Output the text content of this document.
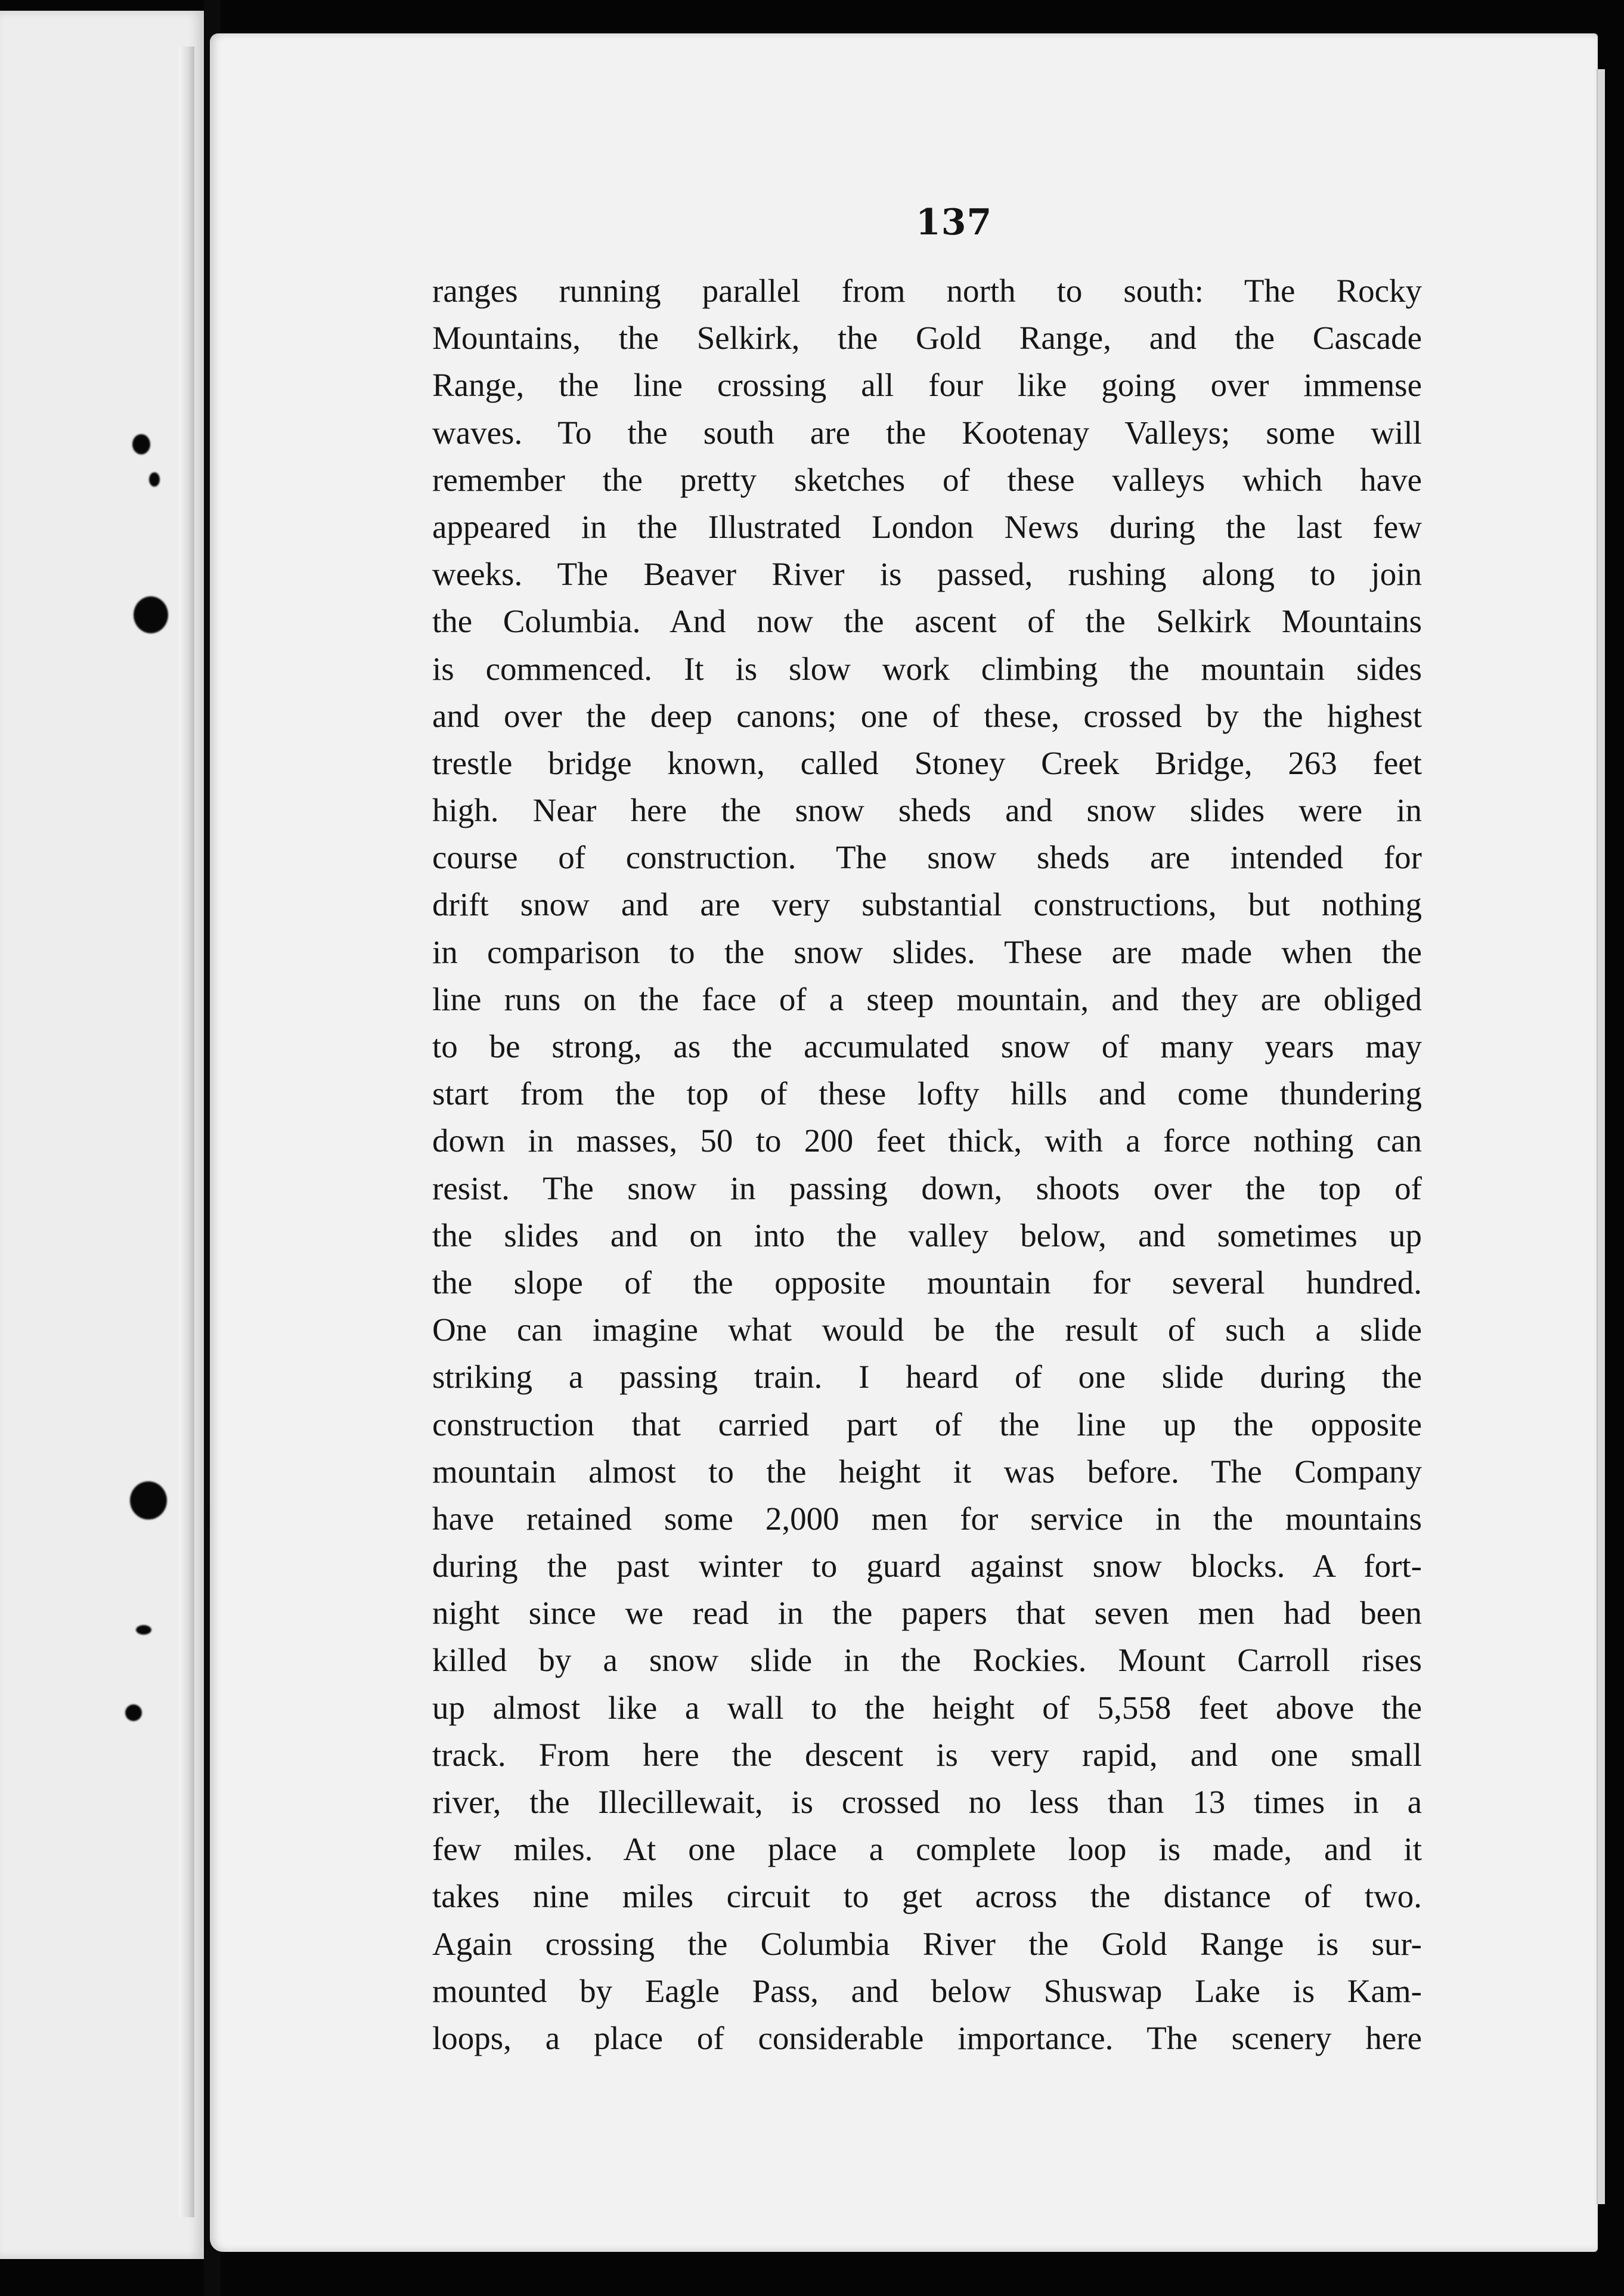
137
ranges running parallel from north to south: The Rocky
Mountains, the Selkirk, the Gold Range, and the Cascade
Range, the line crossing all four like going over immense
waves. To the south are the Kootenay Valleys; some will
remember the pretty sketches of these valleys which have
appeared in the Illustrated London News during the last few
weeks. The Beaver River is passed, rushing along to join
the Columbia. And now the ascent of the Selkirk Mountains
is commenced. It is slow work climbing the mountain sides
and over the deep canons; one of these, crossed by the highest
trestle bridge known, called Stoney Creek Bridge, 263 feet
high. Near here the snow sheds and snow slides were in
course of construction. The snow sheds are intended for
drift snow and are very substantial constructions, but nothing
in comparison to the snow slides. These are made when the
line runs on the face of a steep mountain, and they are obliged
to be strong, as the accumulated snow of many years may
start from the top of these lofty hills and come thundering
down in masses, 50 to 200 feet thick, with a force nothing can
resist. The snow in passing down, shoots over the top of
the slides and on into the valley below, and sometimes up
the slope of the opposite mountain for several hundred.
One can imagine what would be the result of such a slide
striking a passing train. I heard of one slide during the
construction that carried part of the line up the opposite
mountain almost to the height it was before. The Company
have retained some 2,000 men for service in the mountains
during the past winter to guard against snow blocks. A fort-
night since we read in the papers that seven men had been
killed by a snow slide in the Rockies. Mount Carroll rises
up almost like a wall to the height of 5,558 feet above the
track. From here the descent is very rapid, and one small
river, the Illecillewait, is crossed no less than 13 times in a
few miles. At one place a complete loop is made, and it
takes nine miles circuit to get across the distance of two.
Again crossing the Columbia River the Gold Range is sur-
mounted by Eagle Pass, and below Shuswap Lake is Kam-
loops, a place of considerable importance. The scenery here
